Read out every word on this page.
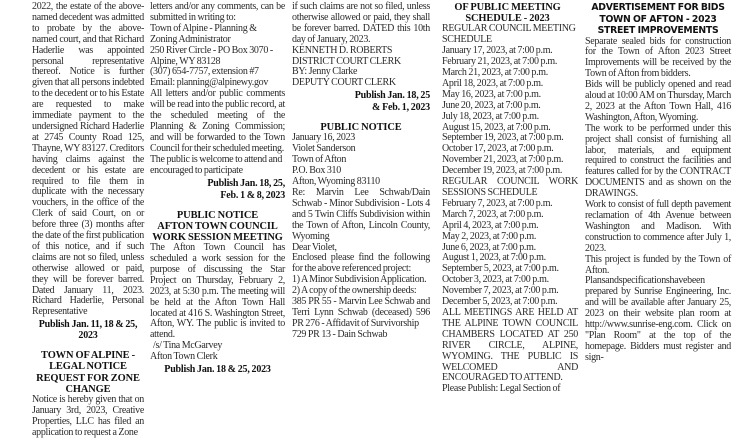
2022, the estate of the above-named decedent was admitted to probate by the above-named court, and that Richard Haderlie was appointed personal representative thereof. Notice is further given that all persons indebted to the decedent or to his Estate are requested to make immediate payment to the undersigned Richard Haderlie at 2745 County Road 125, Thayne, WY 83127. Creditors having claims against the decedent or his estate are required to file them in duplicate with the necessary vouchers, in the office of the Clerk of said Court, on or before three (3) months after the date of the first publication of this notice, and if such claims are not so filed, unless otherwise allowed or paid, they will be forever barred. Dated January 11, 2023. Richard Haderlie, Personal Representative

Publish Jan. 11, 18 & 25, 2023
TOWN OF ALPINE - LEGAL NOTICE
REQUEST FOR ZONE CHANGE

Notice is hereby given that on January 3rd, 2023, Creative Properties, LLC has filed an application to request a Zone

letters and/or any comments, can be submitted in writing to:

Town of Alpine - Planning & Zoning Administrator

250 River Circle - PO Box 3070 - Alpine, WY 83128

(307) 654-7757, extension #7
Email: planning@alpinewy.gov

All letters and/or public comments will be read into the public record, at the scheduled meeting of the Planning & Zoning Commission; and will be forwarded to the Town Council for their scheduled meeting.

The public is welcome to attend and encouraged to participate

Publish Jan. 18, 25,
Feb. 1 & 8, 2023
PUBLIC NOTICE
AFTON TOWN COUNCIL
WORK SESSION MEETING

The Afton Town Council has scheduled a work session for the purpose of discussing the Star Project on Thursday, February 2, 2023, at 5:30 p.m. The meeting will be held at the Afton Town Hall located at 416 S. Washington Street, Afton, WY. The public is invited to attend.

/s/ Tina McGarvey
Afton Town Clerk
Publish Jan. 18 & 25, 2023

if such claims are not so filed, unless otherwise allowed or paid, they shall be forever barred. DATED this 10th day of January, 2023.

KENNETH D. ROBERTS
DISTRICT COURT CLERK
BY: Jenny Clarke
DEPUTY COURT CLERK
Publish Jan. 18, 25
& Feb. 1, 2023
PUBLIC NOTICE
January 16, 2023
Violet Sanderson
Town of Afton
P.O. Box 310
Afton, Wyoming 83110

Re: Marvin Lee Schwab/Dain Schwab - Minor Subdivision - Lots 4 and 5 Twin Cliffs Subdivision within the Town of Afton, Lincoln County, Wyoming

Dear Violet,

Enclosed please find the following for the above referenced project:

1) A Minor Subdivision Application.

2) A copy of the ownership deeds:

385 PR 55 - Marvin Lee Schwab and Terri Lynn Schwab (deceased) 596 PR 276 - Affidavit of Survivorship

729 PR 13 - Dain Schwab

OF PUBLIC MEETING
SCHEDULE - 2023

REGULAR COUNCIL MEETING SCHEDULE

January 17, 2023, at 7:00 p.m.
February 21, 2023, at 7:00 p.m.
March 21, 2023, at 7:00 p.m.
April 18, 2023, at 7:00 p.m.
May 16, 2023, at 7:00 p.m.
June 20, 2023, at 7:00 p.m.
July 18, 2023, at 7:00 p.m.
August 15, 2023, at 7:00 p.m.
September 19, 2023, at 7:00 p.m.
October 17, 2023, at 7:00 p.m.
November 21, 2023, at 7:00 p.m.
December 19, 2023, at 7:00 p.m.

REGULAR COUNCIL WORK SESSIONS SCHEDULE

February 7, 2023, at 7:00 p.m.
March 7, 2023, at 7:00 p.m.
April 4, 2023, at 7:00 p.m.
May 2, 2023, at 7:00 p.m.
June 6, 2023, at 7:00 p.m.
August 1, 2023, at 7:00 p.m.
September 5, 2023, at 7:00 p.m.
October 3, 2023, at 7:00 p.m.
November 7, 2023, at 7:00 p.m.
December 5, 2023, at 7:00 p.m.

ALL MEETINGS ARE HELD AT THE ALPINE TOWN COUNCIL CHAMBERS LOCATED AT 250 RIVER CIRCLE, ALPINE, WYOMING. THE PUBLIC IS WELCOMED AND ENCOURAGED TO ATTEND.

Please Publish: Legal Section of

ADVERTISEMENT FOR BIDS
TOWN OF AFTON - 2023
STREET IMPROVEMENTS

Separate sealed bids for construction for the Town of Afton 2023 Street Improvements will be received by the Town of Afton from bidders.

Bids will be publicly opened and read aloud at 10:00 AM on Thursday, March 2, 2023 at the Afton Town Hall, 416 Washington, Afton, Wyoming.

The work to be performed under this project shall consist of furnishing all labor, materials, and equipment required to construct the facilities and features called for by the CONTRACT DOCUMENTS and as shown on the DRAWINGS.

Work to consist of full depth pavement reclamation of 4th Avenue between Washington and Madison. With construction to commence after July 1, 2023.

This project is funded by the Town of Afton.

Plansandspecificationshavebeen prepared by Sunrise Engineering, Inc. and will be available after January 25, 2023 on their website plan room at http://www.sunrise-eng.com. Click on "Plan Room" at the top of the homepage. Bidders must register and sign-
